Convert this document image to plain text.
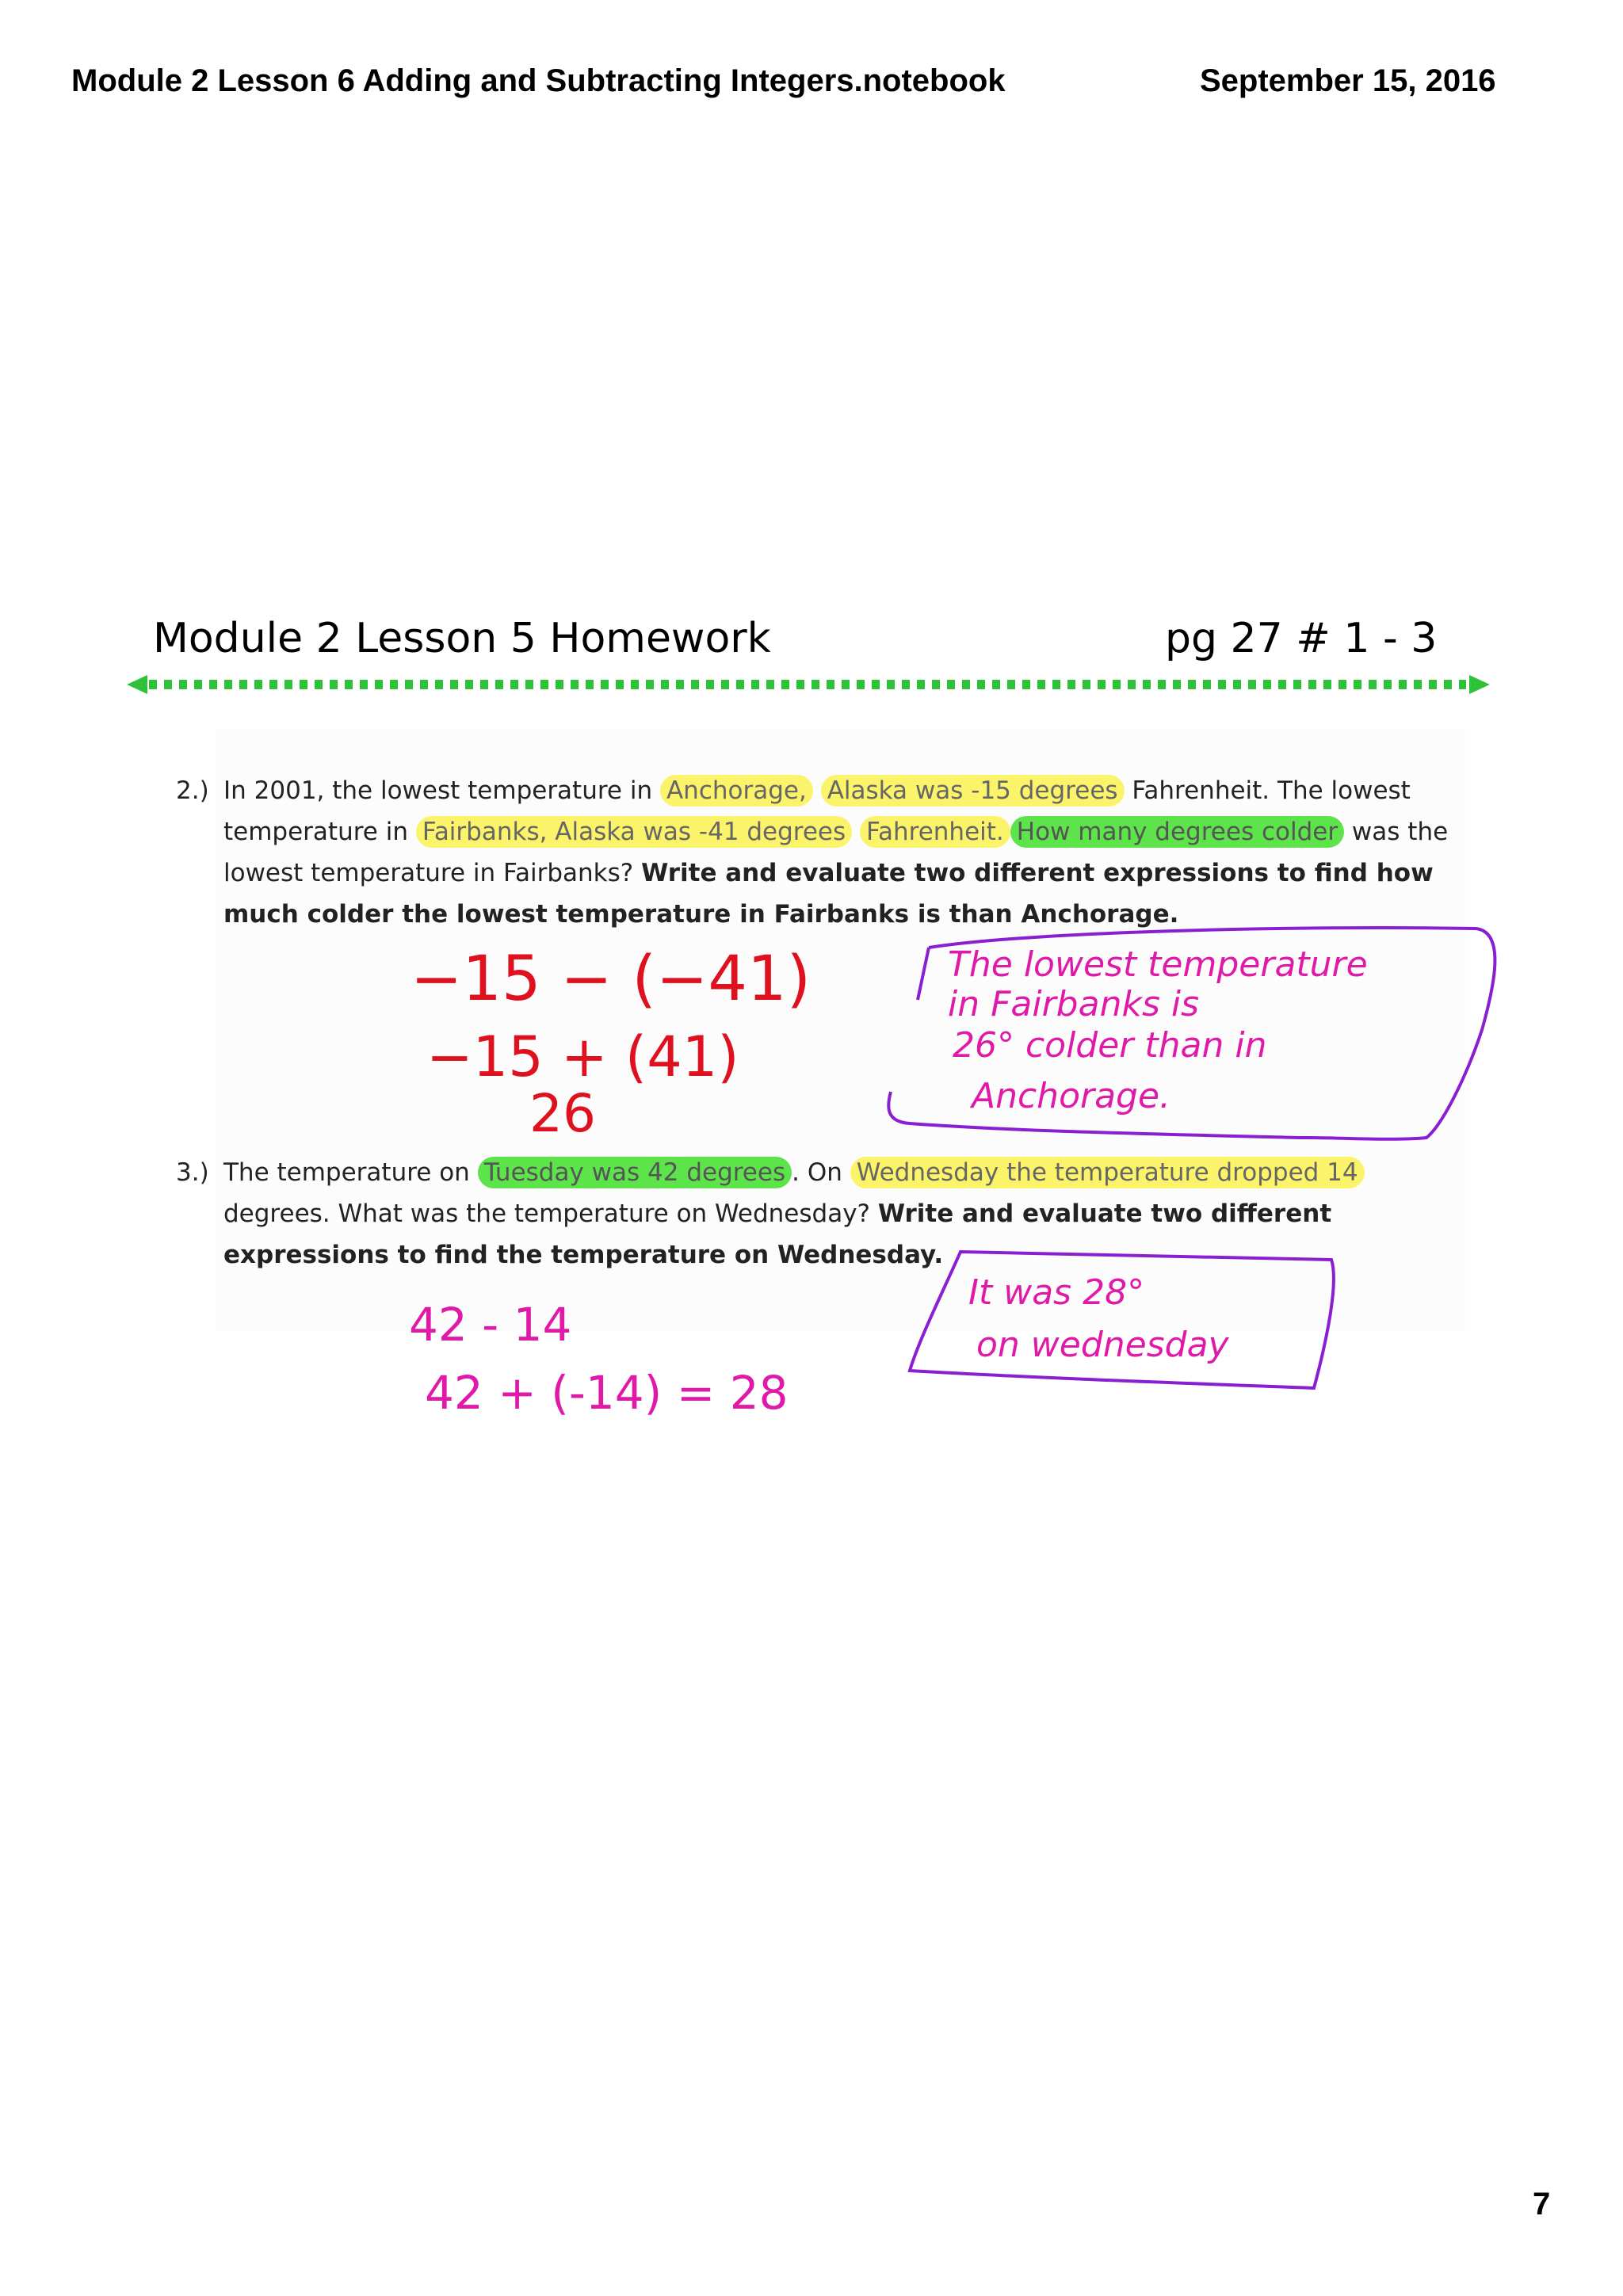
Module 2 Lesson 6 Adding and Subtracting Integers.notebook	September 15, 2016
Module 2 Lesson 5 Homework	pg 27 # 1 - 3
2.) In 2001, the lowest temperature in Anchorage, Alaska was -15 degrees Fahrenheit. The lowest
temperature in Fairbanks, Alaska was -41 degrees Fahrenheit. How many degrees colder was the
lowest temperature in Fairbanks? Write and evaluate two different expressions to find how
much colder the lowest temperature in Fairbanks is than Anchorage.
3.) The temperature on Tuesday was 42 degrees . On Wednesday the temperature dropped 14
degrees. What was the temperature on Wednesday? Write and evaluate two different
expressions to find the temperature on Wednesday.
−15 − (−41)
−15 + (41)
26
The lowest temperature
in Fairbanks is
26° colder than in
Anchorage.
42 - 14
42 + (-14) = 28
It was 28°
on wednesday
7
